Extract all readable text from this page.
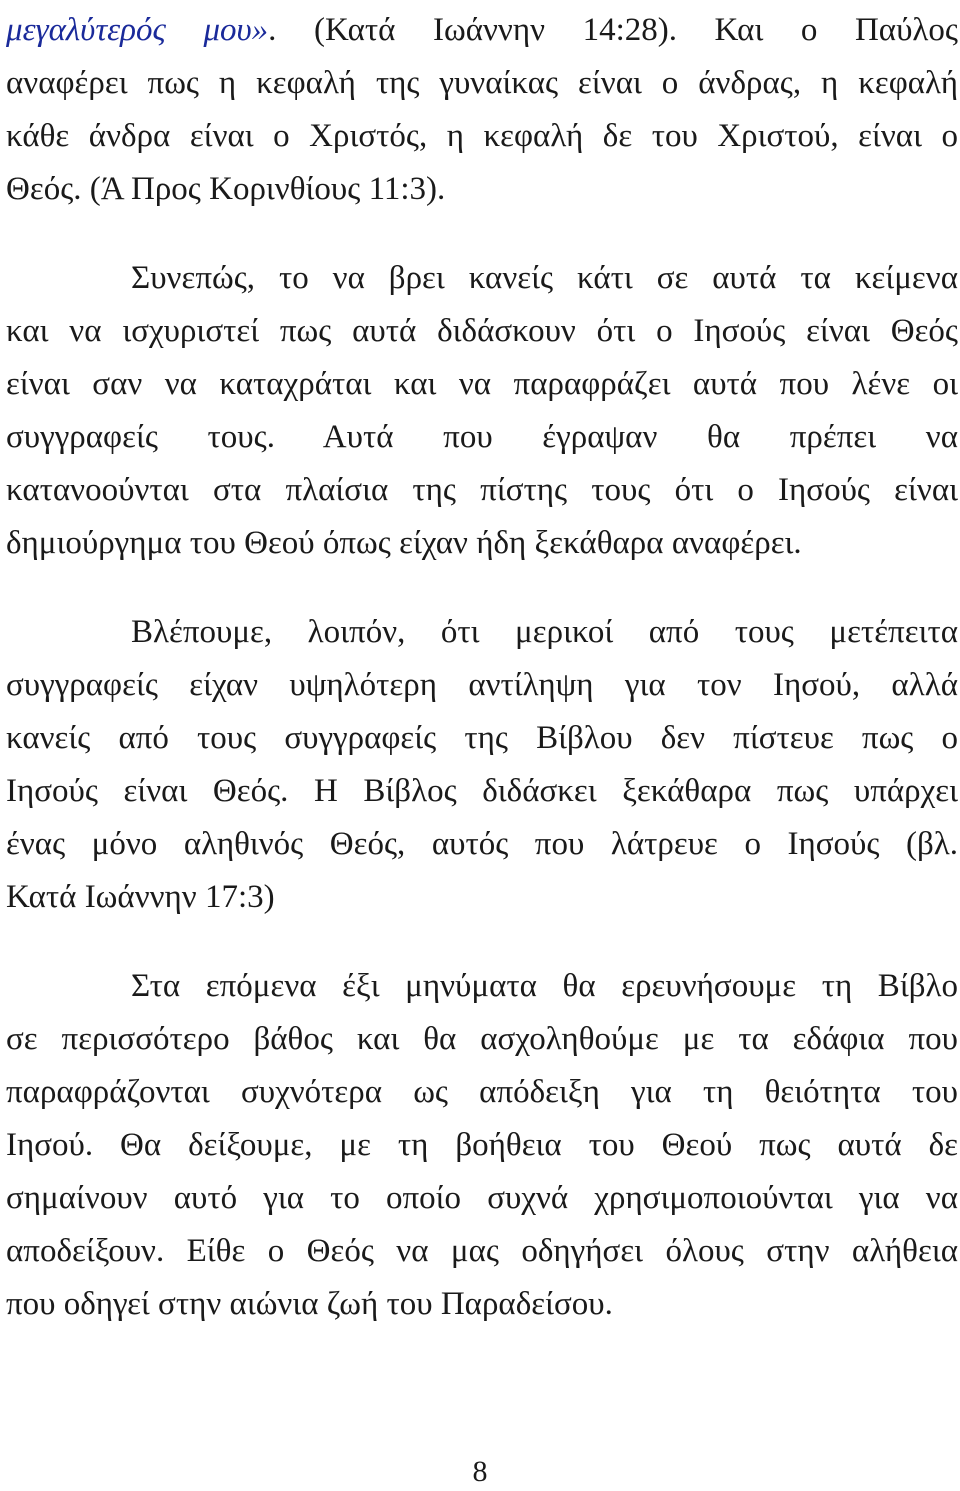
μεγαλύτερός μου». (Κατά Ιωάννην 14:28). Και ο Παύλος
αναφέρει πως η κεφαλή της γυναίκας είναι ο άνδρας, η κεφαλή
κάθε άνδρα είναι ο Χριστός, η κεφαλή δε του Χριστού, είναι ο
Θεός. (Ά Προς Κορινθίους 11:3).
Συνεπώς, το να βρει κανείς κάτι σε αυτά τα κείμενα
και να ισχυριστεί πως αυτά διδάσκουν ότι ο Ιησούς είναι Θεός
είναι σαν να καταχράται και να παραφράζει αυτά που λένε οι
συγγραφείς τους. Αυτά που έγραψαν θα πρέπει να
κατανοούνται στα πλαίσια της πίστης τους ότι ο Ιησούς είναι
δημιούργημα του Θεού όπως είχαν ήδη ξεκάθαρα αναφέρει.
Βλέπουμε, λοιπόν, ότι μερικοί από τους μετέπειτα
συγγραφείς είχαν υψηλότερη αντίληψη για τον Ιησού, αλλά
κανείς από τους συγγραφείς της Βίβλου δεν πίστευε πως ο
Ιησούς είναι Θεός. Η Βίβλος διδάσκει ξεκάθαρα πως υπάρχει
ένας μόνο αληθινός Θεός, αυτός που λάτρευε ο Ιησούς (βλ.
Κατά Ιωάννην 17:3)
Στα επόμενα έξι μηνύματα θα ερευνήσουμε τη Βίβλο
σε περισσότερο βάθος και θα ασχοληθούμε με τα εδάφια που
παραφράζονται συχνότερα ως απόδειξη για τη θειότητα του
Ιησού. Θα δείξουμε, με τη βοήθεια του Θεού πως αυτά δε
σημαίνουν αυτό για το οποίο συχνά χρησιμοποιούνται για να
αποδείξουν. Είθε ο Θεός να μας οδηγήσει όλους στην αλήθεια
που οδηγεί στην αιώνια ζωή του Παραδείσου.
8
